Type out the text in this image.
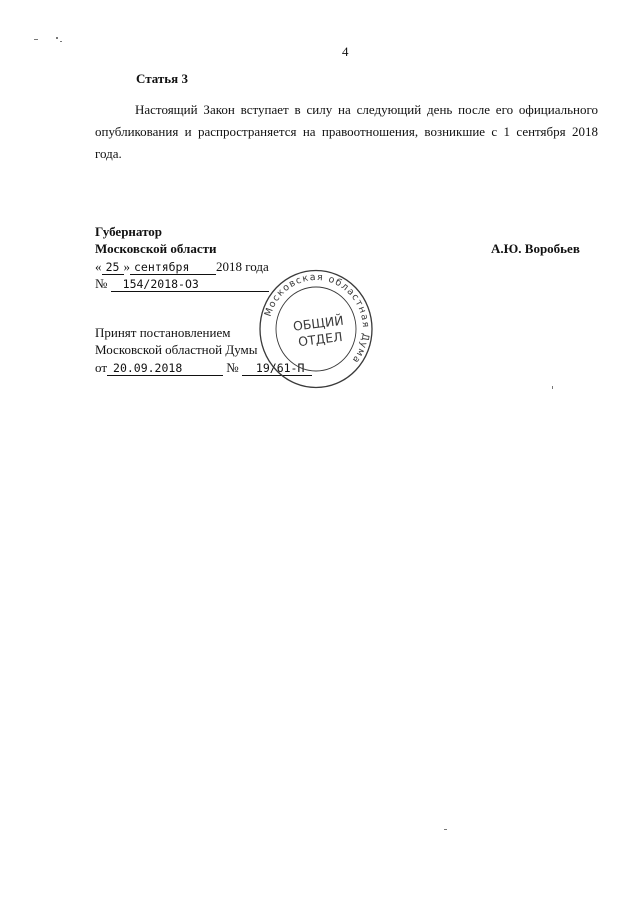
4
Статья 3

Настоящий Закон вступает в силу на следующий день после его официального опубликования и распространяется на правоотношения, возникшие с 1 сентября 2018 года.

Губернатор
Московской области	А.Ю. Воробьев
« 25 » сентября 2018 года
№ 154/2018-ОЗ
Принят постановлением
Московской областной Думы
от 20.09.2018	№ 19/61-П
Московская областная Дума
ОБЩИЙ
ОТДЕЛ
